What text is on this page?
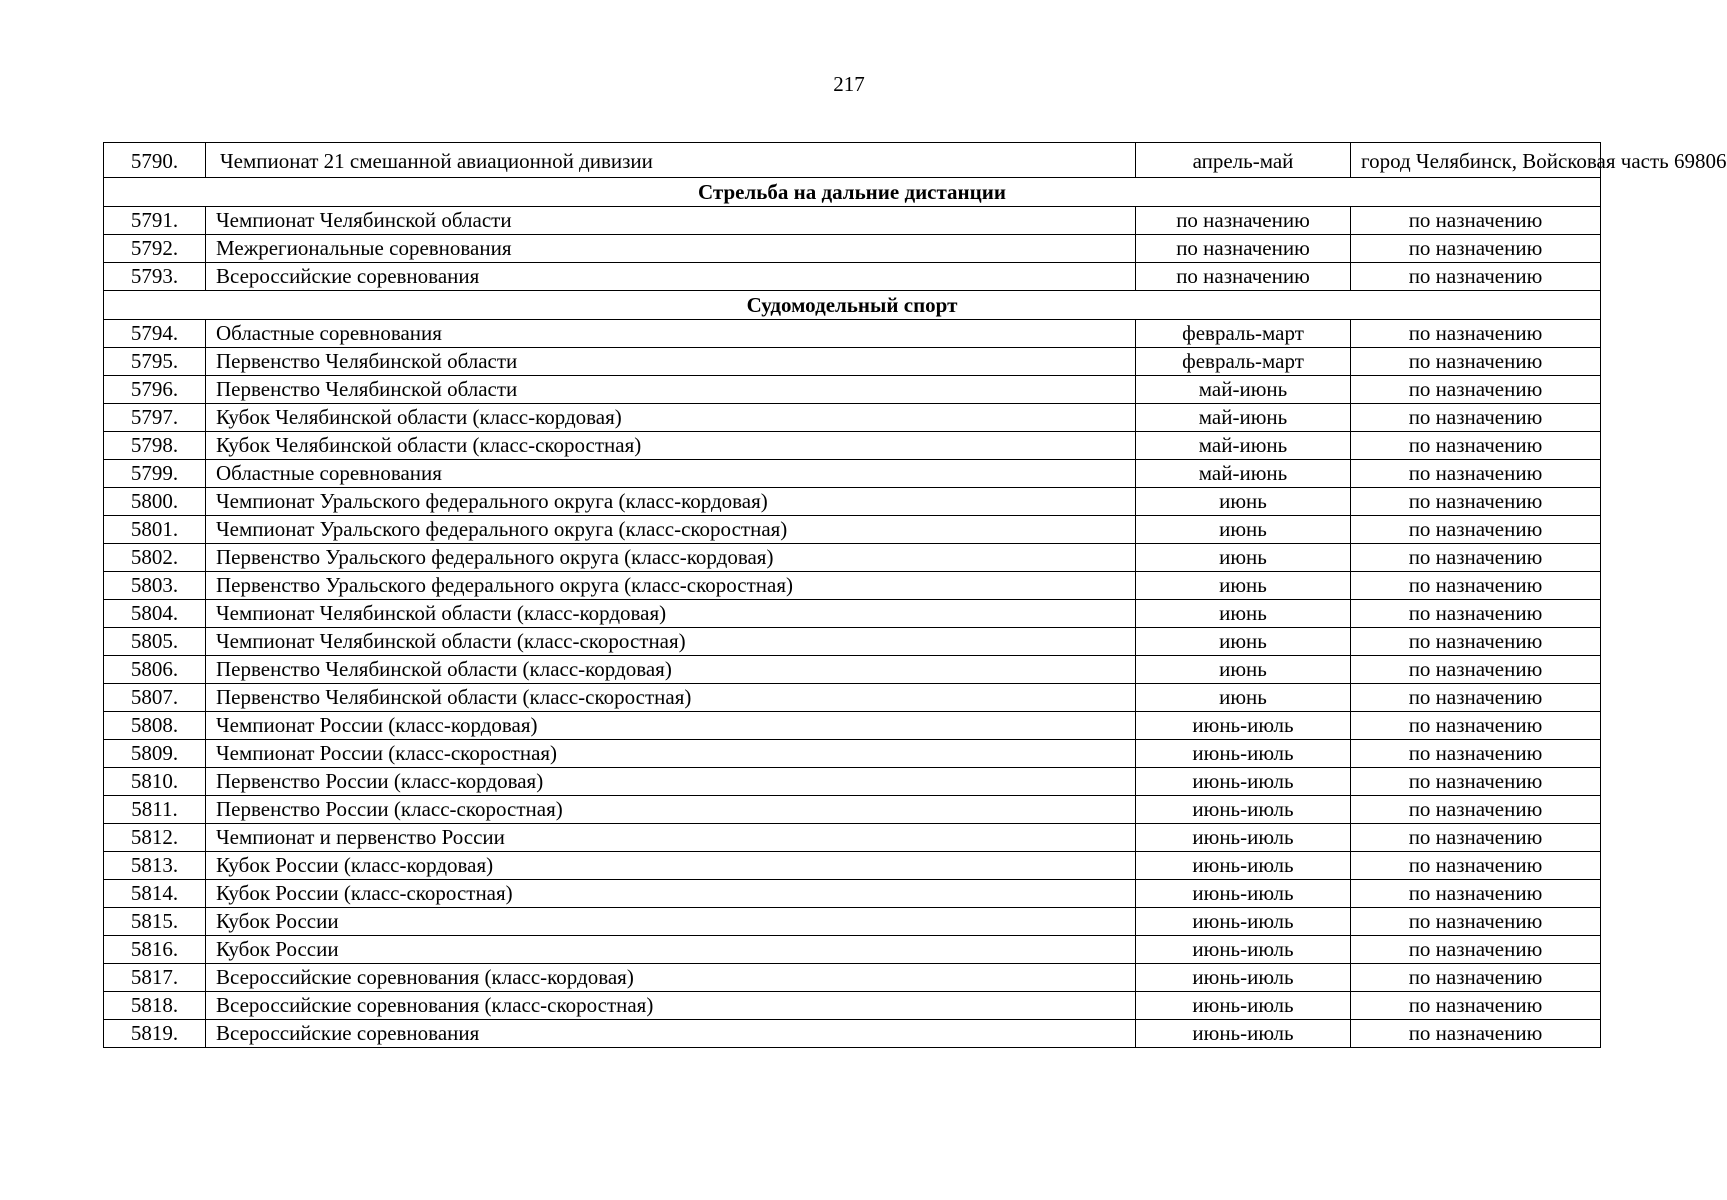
217
5790.	Чемпионат 21 смешанной авиационной дивизии	апрель-май	город Челябинск, Войсковая часть 69806
Стрельба на дальние дистанции			
5791.	Чемпионат Челябинской области	по назначению	по назначению
5792.	Межрегиональные соревнования	по назначению	по назначению
5793.	Всероссийские соревнования	по назначению	по назначению
Судомодельный спорт			
5794.	Областные соревнования	февраль-март	по назначению
5795.	Первенство Челябинской области	февраль-март	по назначению
5796.	Первенство Челябинской области	май-июнь	по назначению
5797.	Кубок Челябинской области (класс-кордовая)	май-июнь	по назначению
5798.	Кубок Челябинской области (класс-скоростная)	май-июнь	по назначению
5799.	Областные соревнования	май-июнь	по назначению
5800.	Чемпионат Уральского федерального округа (класс-кордовая)	июнь	по назначению
5801.	Чемпионат Уральского федерального округа (класс-скоростная)	июнь	по назначению
5802.	Первенство Уральского федерального округа (класс-кордовая)	июнь	по назначению
5803.	Первенство Уральского федерального округа (класс-скоростная)	июнь	по назначению
5804.	Чемпионат Челябинской области (класс-кордовая)	июнь	по назначению
5805.	Чемпионат Челябинской области (класс-скоростная)	июнь	по назначению
5806.	Первенство Челябинской области (класс-кордовая)	июнь	по назначению
5807.	Первенство Челябинской области (класс-скоростная)	июнь	по назначению
5808.	Чемпионат России (класс-кордовая)	июнь-июль	по назначению
5809.	Чемпионат России (класс-скоростная)	июнь-июль	по назначению
5810.	Первенство России (класс-кордовая)	июнь-июль	по назначению
5811.	Первенство России (класс-скоростная)	июнь-июль	по назначению
5812.	Чемпионат и первенство России	июнь-июль	по назначению
5813.	Кубок России (класс-кордовая)	июнь-июль	по назначению
5814.	Кубок России (класс-скоростная)	июнь-июль	по назначению
5815.	Кубок России	июнь-июль	по назначению
5816.	Кубок России	июнь-июль	по назначению
5817.	Всероссийские соревнования (класс-кордовая)	июнь-июль	по назначению
5818.	Всероссийские соревнования (класс-скоростная)	июнь-июль	по назначению
5819.	Всероссийские соревнования	июнь-июль	по назначению
